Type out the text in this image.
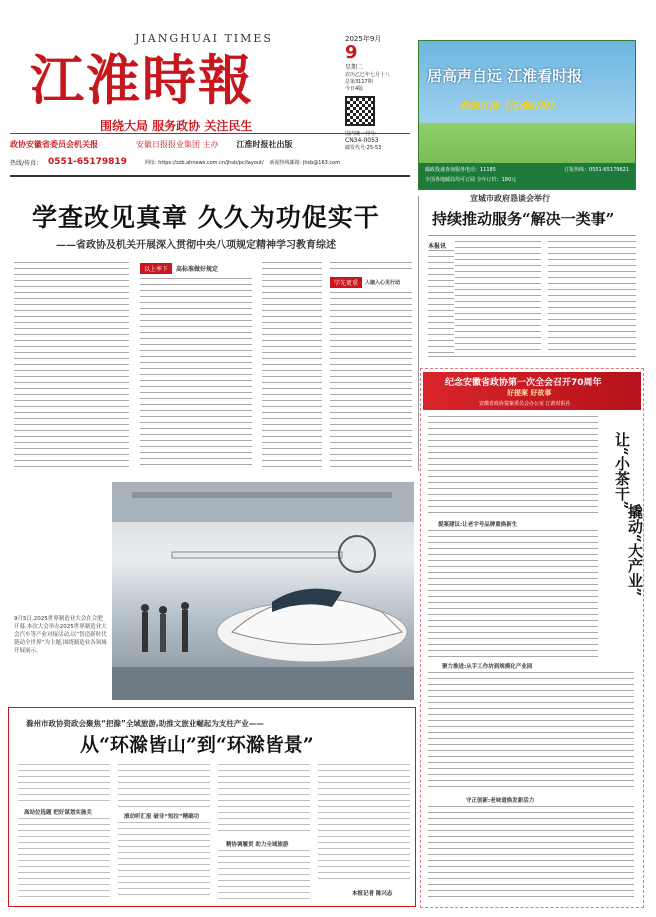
JIANGHUAI TIMES
江淮時報
围绕大局 服务政协 关注民生
政协安徽省委员会机关报	安徽日报报业集团 主办 江淮时报社出版
热线/传真： 0551-65179819	网址: https://szb.ahnews.com.cn/jhsb/pc/layout/ 新闻热线邮箱: jhsb@163.com
2025年9月
9
星期二
农历乙巳年七月十八
总第3117期
今日4版
国内统一刊号:
CN34-0053
邮发代号:25-53
居高声自远 江淮看时报
欢迎订阅《江淮时报》
邮政投递查询服务电话：11185	订报热线：0551-65179821
全国各地邮局均可订阅 全年订价：180元
学查改见真章 久久为功促实干
——省政协及机关开展深入贯彻中央八项规定精神学习教育综述
以上率下	高标准做好规定
学先更重	入脑入心见行动
宣城市政府恳谈会举行
持续推动服务“解决一类事”
本报讯
9月5日,2025世界制造业大会在合肥开幕,本次大会举办2025世界制造业大会汽车等产业对接活动,以“智造新时代 链动全世界”为主题,围绕制造业各领域开展展示。
滁州市政协资政会聚焦“把滁”全域旅游,助推文旅业崛起为支柱产业——
从“环滁皆山”到“环滁皆景”
高站位选题 把好谋划实施关
滚动听汇报 破非“短拉”精确功
精协调履责 助力全域旅游
本报记者 陈兴志
纪念安徽省政协第一次全会召开70周年
好提案 好故事
安徽省政协提案委员会办公室 江淮时报社
让“小茶干”
撬动“大产业”
提案建议:让老字号品牌重焕新生
聚力推进:从手工作坊到规模化产业园
守正创新:老味道焕发新活力
